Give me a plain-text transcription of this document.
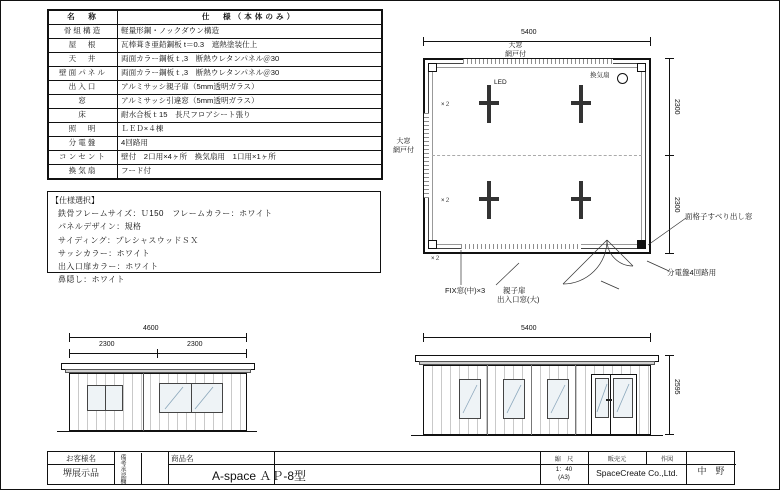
名　称	仕　様（本体のみ）
骨組構造	軽量形鋼・ノックダウン構造
屋　根	瓦棒葺き亜鉛鋼板 t＝0.3　遮熱塗装仕上
天　井	両面カラー鋼板ｔ,3　断熱ウレタンパネル＠30
壁面パネル	両面カラー鋼板ｔ,3　断熱ウレタンパネル＠30
出入口	アルミサッシ親子扉（5mm透明ガラス）
窓	アルミサッシ引違窓（5mm透明ガラス）
床	耐水合板ｔ15　長尺フロアシート張り
照　明	ＬＥＤ×４棟
分電盤	4回路用
コンセント	壁付　2口用×4ヶ所　換気扇用　1口用×1ヶ所
換気扇	フード付
【仕様選択】
鉄骨フレームサイズ：Ｕ150　フレームカラー：ホワイト
パネルデザイン：規格
サイディング：プレシャスウッドＳＸ
サッシカラー：ホワイト
出入口扉カラー：ホワイト
鼻隠し：ホワイト
5400
2300
2300
LED
換気扇
×２
×２
×２
大窓
網戸付
大窓
網戸付
FIX窓(中)×3 親子扉
出入口窓(大)
面格子すべり出し窓
分電盤4回路用
4600
2300	2300
5400
2595
お客様名
堺展示品	備考承認欄	商品名
A-space ＡＰ-8型
縮　尺
1：40
(A3)
販売元
SpaceCreate Co.,Ltd.
作図
中　野
